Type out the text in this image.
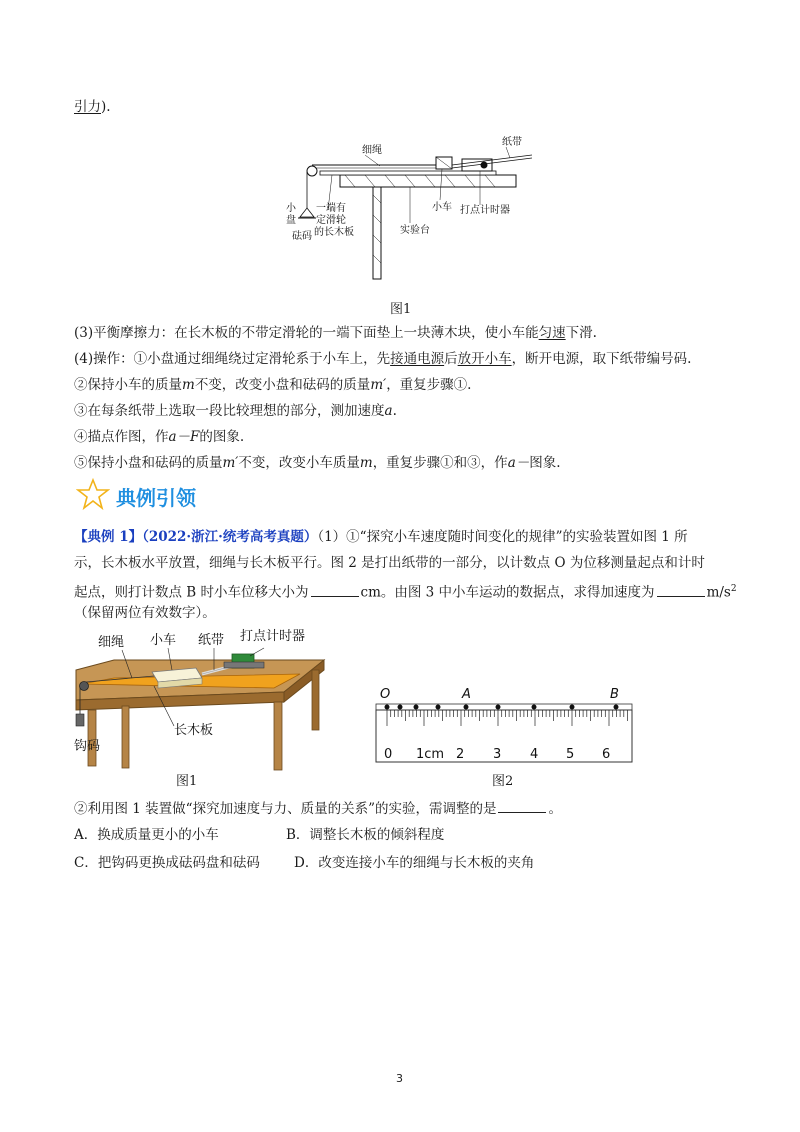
引力).
细绳
纸带
小车 打点计时器
小
盘
砝码
一端有
定滑轮
的长木板	实验台
图1
(3)平衡摩擦力：在长木板的不带定滑轮的一端下面垫上一块薄木块，使小车能匀速下滑.
(4)操作：①小盘通过细绳绕过定滑轮系于小车上，先接通电源后放开小车，断开电源，取下纸带编号码.
②保持小车的质量m不变，改变小盘和砝码的质量m′，重复步骤①.
③在每条纸带上选取一段比较理想的部分，测加速度a.
④描点作图，作a－F的图象.
⑤保持小盘和砝码的质量m′不变，改变小车质量m，重复步骤①和③，作a－图象.
典例引领
【典例 1】（2022·浙江·统考高考真题）（1）①“探究小车速度随时间变化的规律”的实验装置如图 1 所
示，长木板水平放置，细绳与长木板平行。图 2 是打出纸带的一部分，以计数点 O 为位移测量起点和计时
起点，则打计数点 B 时小车位移大小为	cm。由图 3 中小车运动的数据点，求得加速度为	$m/s^2$
（保留两位有效数字）。
细绳 小车 纸带 打点计时器
长木板
钩码
图1
O	A	B
0 1cm 2 3 4 5 6
图2
②利用图 1 装置做“探究加速度与力、质量的关系”的实验，需调整的是	。
A．换成质量更小的小车	B．调整长木板的倾斜程度
C．把钩码更换成砝码盘和砝码	D．改变连接小车的细绳与长木板的夹角
3
